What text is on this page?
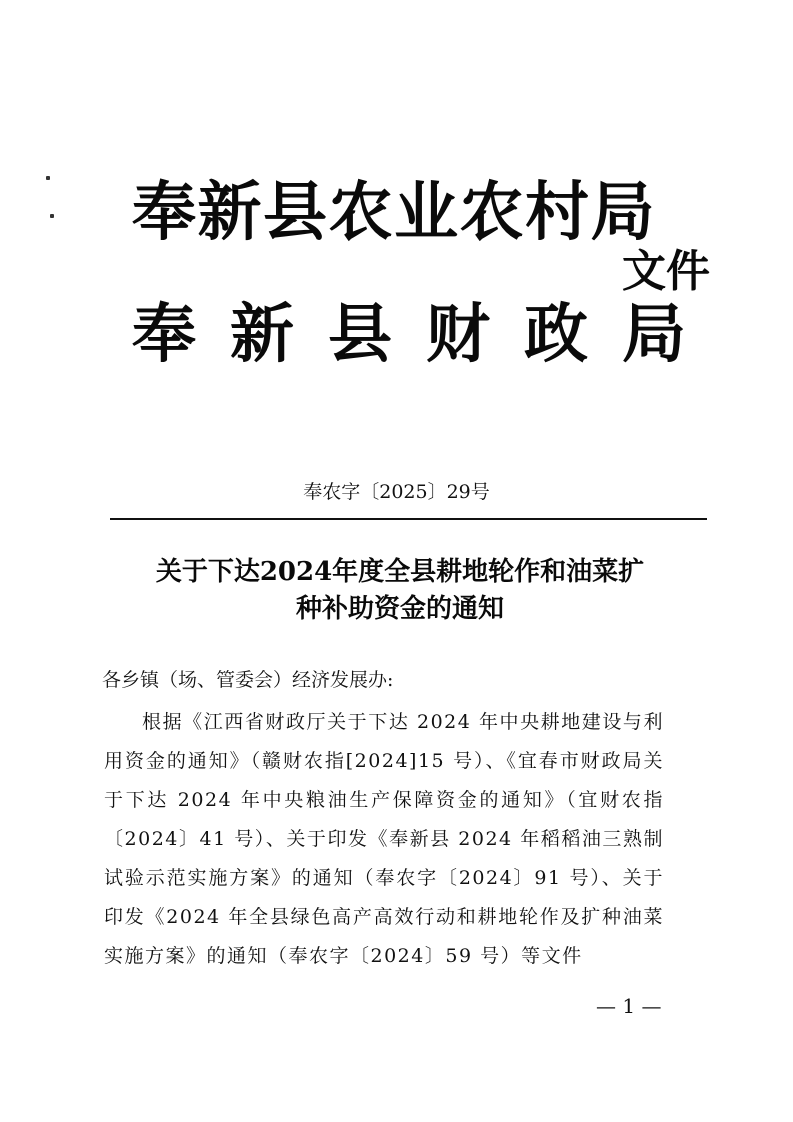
奉新县农业农村局
奉新县财政局
文件
奉农字〔2025〕29号
关于下达2024年度全县耕地轮作和油菜扩
种补助资金的通知
各乡镇（场、管委会）经济发展办:
根据《江西省财政厅关于下达 2024 年中央耕地建设与利用资金的通知》（赣财农指[2024]15 号）、《宜春市财政局关于下达 2024 年中央粮油生产保障资金的通知》（宜财农指〔2024〕41 号）、关于印发《奉新县 2024 年稻稻油三熟制试验示范实施方案》的通知（奉农字〔2024〕91 号）、关于印发《2024 年全县绿色高产高效行动和耕地轮作及扩种油菜实施方案》的通知（奉农字〔2024〕59 号）等文件
— 1 —
